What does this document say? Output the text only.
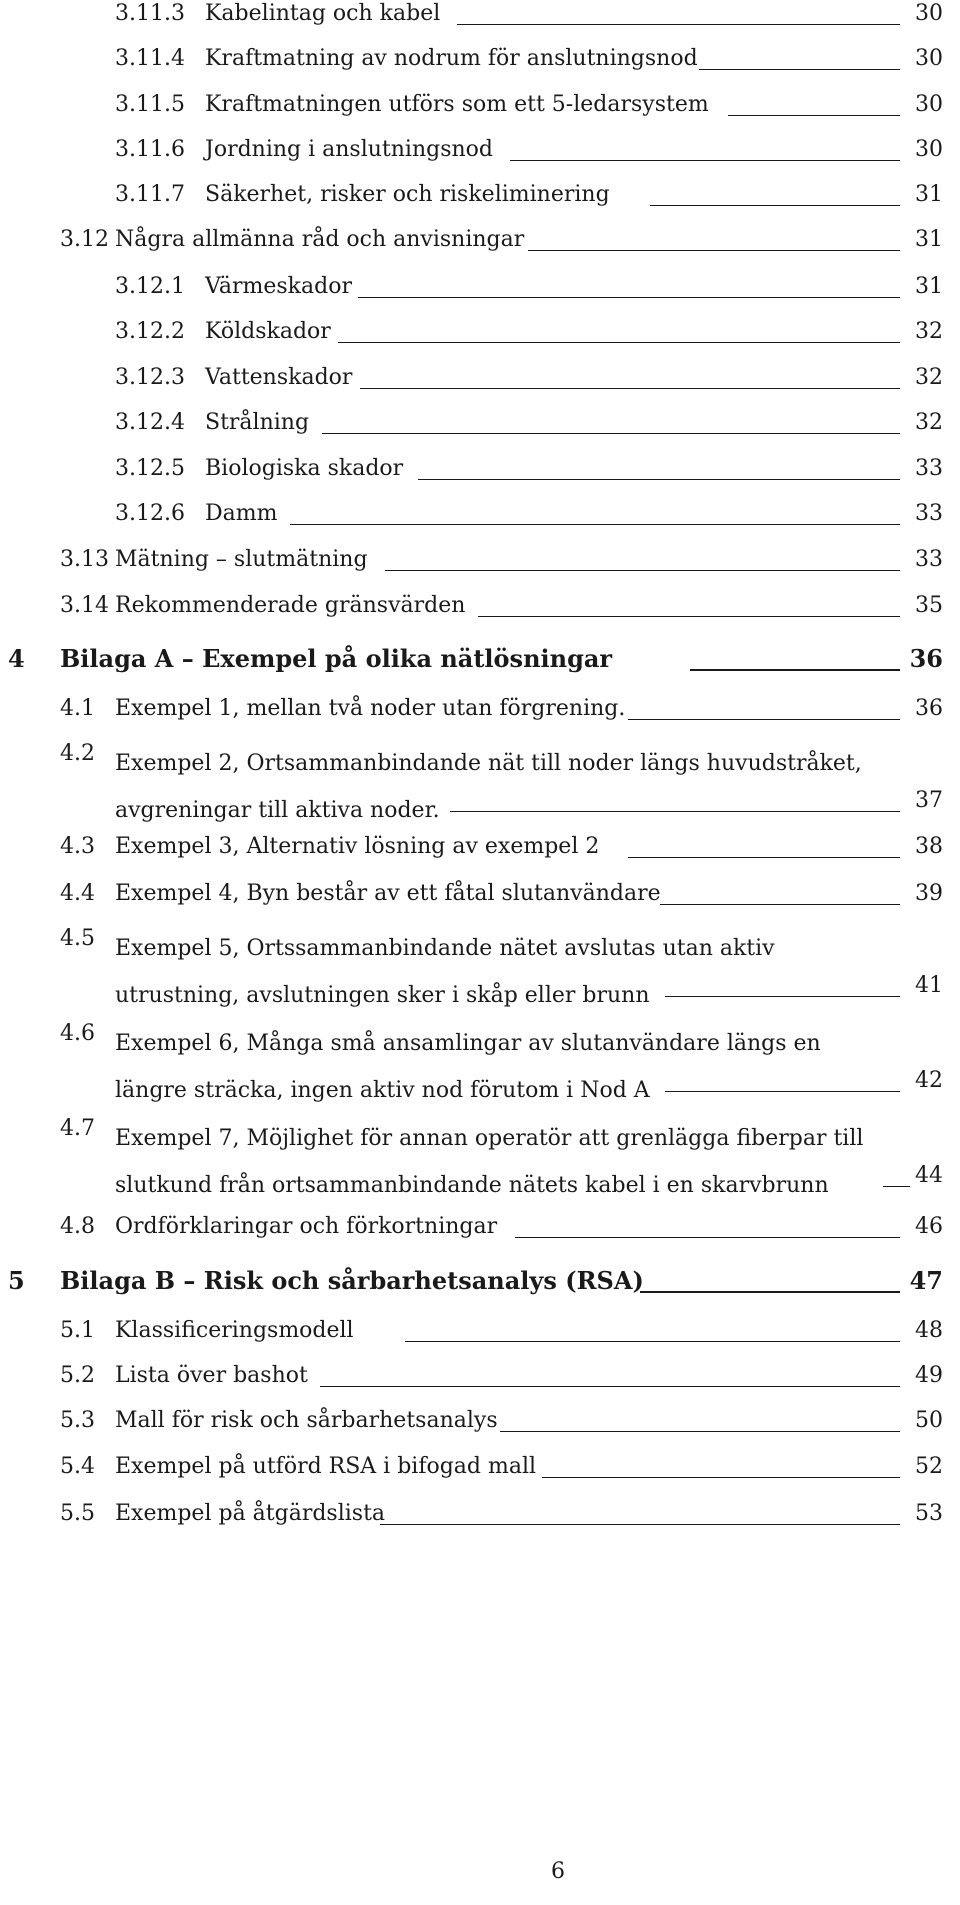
3.11.3 Kabelintag och kabel	30
3.11.4 Kraftmatning av nodrum för anslutningsnod	30
3.11.5 Kraftmatningen utförs som ett 5-ledarsystem	30
3.11.6 Jordning i anslutningsnod	30
3.11.7 Säkerhet, risker och riskeliminering	31
3.12 Några allmänna råd och anvisningar	31
3.12.1 Värmeskador	31
3.12.2 Köldskador	32
3.12.3 Vattenskador	32
3.12.4 Strålning	32
3.12.5 Biologiska skador	33
3.12.6 Damm	33
3.13 Mätning – slutmätning	33
3.14 Rekommenderade gränsvärden	35
4 Bilaga A – Exempel på olika nätlösningar	36
4.1 Exempel 1, mellan två noder utan förgrening.	36
4.2 Exempel 2, Ortsammanbindande nät till noder längs huvudstråket, avgreningar till aktiva noder.	37
4.3 Exempel 3, Alternativ lösning av exempel 2	38
4.4 Exempel 4, Byn består av ett fåtal slutanvändare	39
4.5 Exempel 5, Ortssammanbindande nätet avslutas utan aktiv utrustning, avslutningen sker i skåp eller brunn	41
4.6 Exempel 6, Många små ansamlingar av slutanvändare längs en längre sträcka, ingen aktiv nod förutom i Nod A	42
4.7 Exempel 7, Möjlighet för annan operatör att grenlägga fiberpar till slutkund från ortsammanbindande nätets kabel i en skarvbrunn	44
4.8 Ordförklaringar och förkortningar	46
5 Bilaga B – Risk och sårbarhetsanalys (RSA)	47
5.1 Klassificeringsmodell	48
5.2 Lista över bashot	49
5.3 Mall för risk och sårbarhetsanalys	50
5.4 Exempel på utförd RSA i bifogad mall	52
5.5 Exempel på åtgärdslista	53
6
